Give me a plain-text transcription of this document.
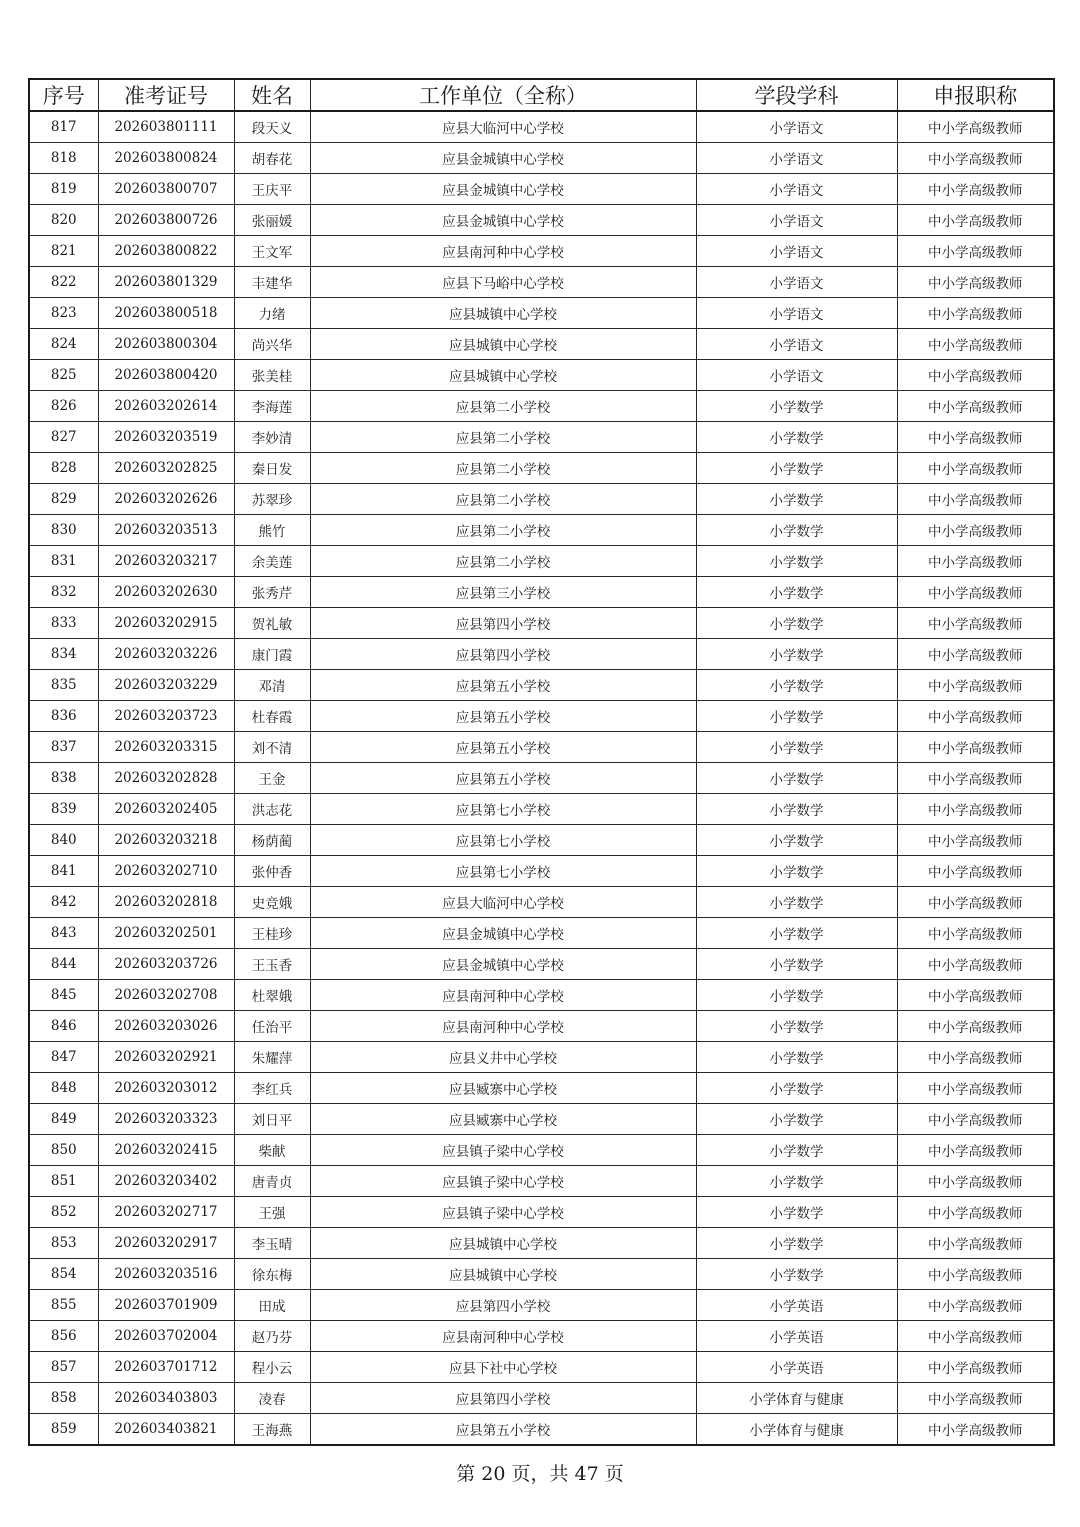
序号	准考证号	姓名	工作单位（全称）	学段学科	申报职称
817	202603801111	段天义	应县大临河中心学校	小学语文	中小学高级教师
818	202603800824	胡春花	应县金城镇中心学校	小学语文	中小学高级教师
819	202603800707	王庆平	应县金城镇中心学校	小学语文	中小学高级教师
820	202603800726	张丽媛	应县金城镇中心学校	小学语文	中小学高级教师
821	202603800822	王文军	应县南河种中心学校	小学语文	中小学高级教师
822	202603801329	丰建华	应县下马峪中心学校	小学语文	中小学高级教师
823	202603800518	力绪	应县城镇中心学校	小学语文	中小学高级教师
824	202603800304	尚兴华	应县城镇中心学校	小学语文	中小学高级教师
825	202603800420	张美桂	应县城镇中心学校	小学语文	中小学高级教师
826	202603202614	李海莲	应县第二小学校	小学数学	中小学高级教师
827	202603203519	李妙清	应县第二小学校	小学数学	中小学高级教师
828	202603202825	秦日发	应县第二小学校	小学数学	中小学高级教师
829	202603202626	苏翠珍	应县第二小学校	小学数学	中小学高级教师
830	202603203513	熊竹	应县第二小学校	小学数学	中小学高级教师
831	202603203217	余美莲	应县第二小学校	小学数学	中小学高级教师
832	202603202630	张秀芹	应县第三小学校	小学数学	中小学高级教师
833	202603202915	贺礼敏	应县第四小学校	小学数学	中小学高级教师
834	202603203226	康门霞	应县第四小学校	小学数学	中小学高级教师
835	202603203229	邓清	应县第五小学校	小学数学	中小学高级教师
836	202603203723	杜春霞	应县第五小学校	小学数学	中小学高级教师
837	202603203315	刘不清	应县第五小学校	小学数学	中小学高级教师
838	202603202828	王金	应县第五小学校	小学数学	中小学高级教师
839	202603202405	洪志花	应县第七小学校	小学数学	中小学高级教师
840	202603203218	杨荫蔺	应县第七小学校	小学数学	中小学高级教师
841	202603202710	张仲香	应县第七小学校	小学数学	中小学高级教师
842	202603202818	史竞娥	应县大临河中心学校	小学数学	中小学高级教师
843	202603202501	王桂珍	应县金城镇中心学校	小学数学	中小学高级教师
844	202603203726	王玉香	应县金城镇中心学校	小学数学	中小学高级教师
845	202603202708	杜翠娥	应县南河种中心学校	小学数学	中小学高级教师
846	202603203026	任治平	应县南河种中心学校	小学数学	中小学高级教师
847	202603202921	朱耀萍	应县义井中心学校	小学数学	中小学高级教师
848	202603203012	李红兵	应县臧寨中心学校	小学数学	中小学高级教师
849	202603203323	刘日平	应县臧寨中心学校	小学数学	中小学高级教师
850	202603202415	柴献	应县镇子梁中心学校	小学数学	中小学高级教师
851	202603203402	唐青贞	应县镇子梁中心学校	小学数学	中小学高级教师
852	202603202717	王强	应县镇子梁中心学校	小学数学	中小学高级教师
853	202603202917	李玉晴	应县城镇中心学校	小学数学	中小学高级教师
854	202603203516	徐东梅	应县城镇中心学校	小学数学	中小学高级教师
855	202603701909	田成	应县第四小学校	小学英语	中小学高级教师
856	202603702004	赵乃芬	应县南河种中心学校	小学英语	中小学高级教师
857	202603701712	程小云	应县下社中心学校	小学英语	中小学高级教师
858	202603403803	凌春	应县第四小学校	小学体育与健康	中小学高级教师
859	202603403821	王海燕	应县第五小学校	小学体育与健康	中小学高级教师
第 20 页，共 47 页
